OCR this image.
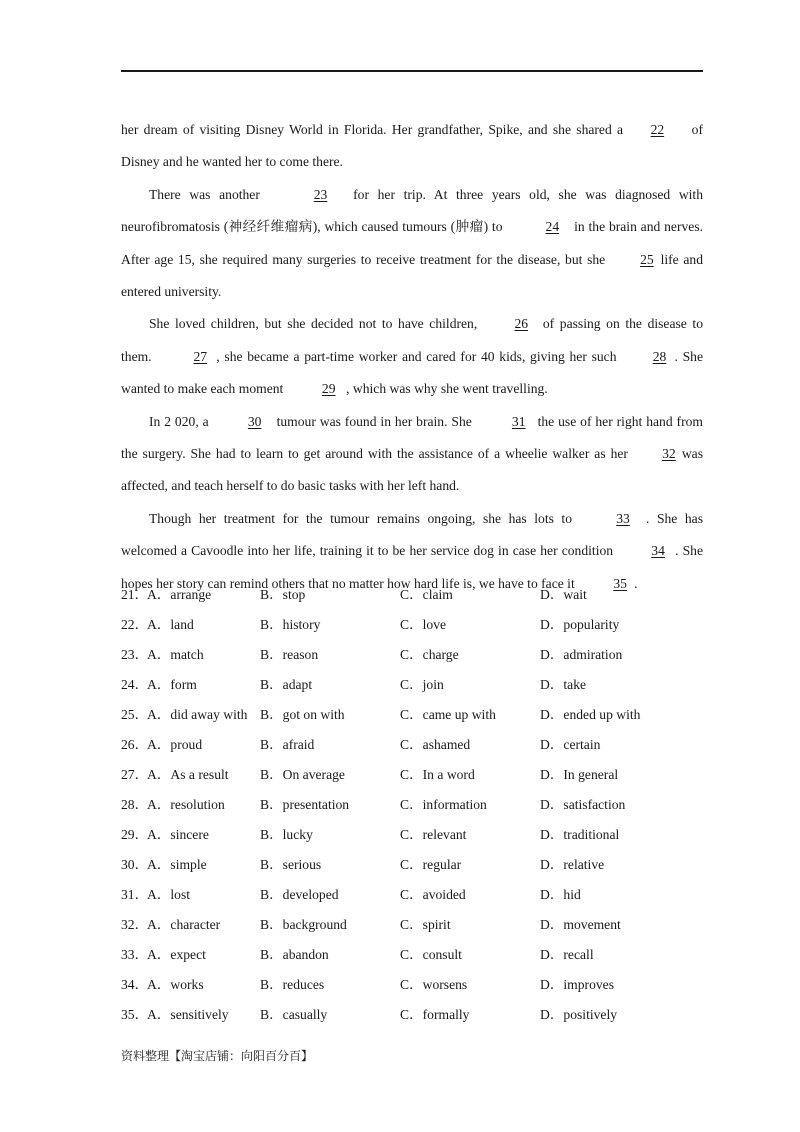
her dream of visiting Disney World in Florida. Her grandfather, Spike, and she shared a 22 of Disney and he wanted her to come there.

There was another	23 for her trip. At three years old, she was diagnosed with neurofibromatosis (神经纤维瘤病), which caused tumours (肿瘤) to	24 in the brain and nerves. After age 15, she required many surgeries to receive treatment for the disease, but she 25 life and entered university.

She loved children, but she decided not to have children,	26 of passing on the disease to them.	27 , she became a part-time worker and cared for 40 kids, giving her such	28 . She wanted to make each moment	29 , which was why she went travelling.

In 2 020, a	30 tumour was found in her brain. She	31 the use of her right hand from the surgery. She had to learn to get around with the assistance of a wheelie walker as her 32 was affected, and teach herself to do basic tasks with her left hand.

Though her treatment for the tumour remains ongoing, she has lots to	33 . She has welcomed a Cavoodle into her life, training it to be her service dog in case her condition	34 . She hopes her story can remind others that no matter how hard life is, we have to face it	35 .

21．
A．arrange	B．stop	C．claim	D．wait
22．
A．land	B．history	C．love	D．popularity
23．
A．match	B．reason	C．charge	D．admiration
24．
A．form	B．adapt	C．join	D．take
25．
A．did away with B．got on with	C．came up with	D．ended up with
26．
A．proud	B．afraid	C．ashamed	D．certain
27．
A．As a result B．On average	C．In a word	D．In general
28．
A．resolution	B．presentation	C．information	D．satisfaction
29．
A．sincere	B．lucky	C．relevant	D．traditional
30．
A．simple	B．serious	C．regular	D．relative
31．
A．lost	B．developed	C．avoided	D．hid
32．
A．character	B．background	C．spirit	D．movement
33．
A．expect	B．abandon	C．consult	D．recall
34．
A．works	B．reduces	C．worsens	D．improves
35．
A．sensitively B．casually	C．formally	D．positively
资料整理【淘宝店铺：向阳百分百】
